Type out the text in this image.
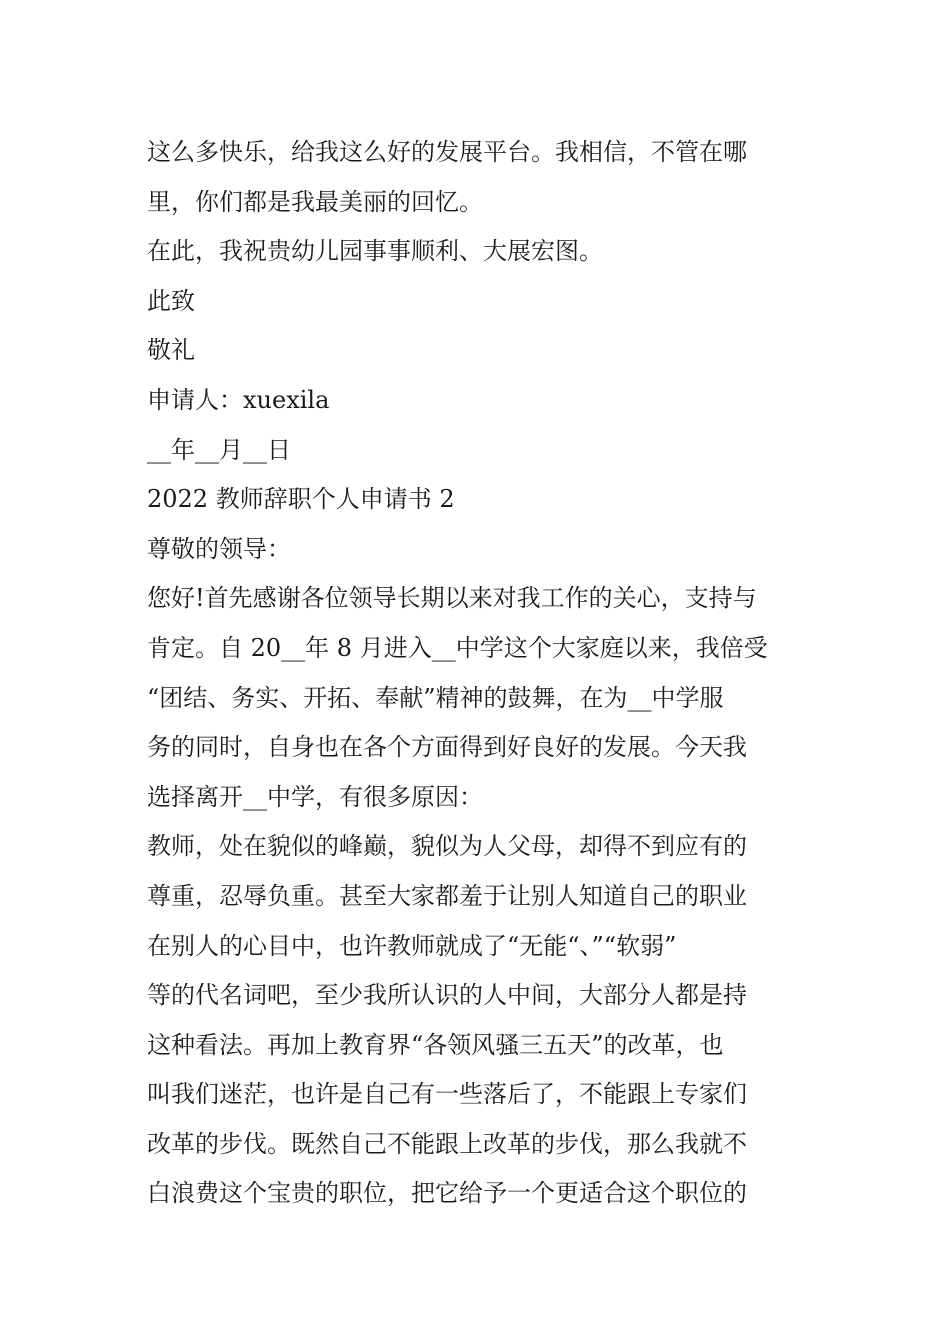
这么多快乐，给我这么好的发展平台。我相信，不管在哪
里，你们都是我最美丽的回忆。
在此，我祝贵幼儿园事事顺利、大展宏图。
此致
敬礼
申请人：xuexila
__年__月__日
2022 教师辞职个人申请书 2
尊敬的领导：
您好!首先感谢各位领导长期以来对我工作的关心，支持与
肯定。自 20__年 8 月进入__中学这个大家庭以来，我倍受
“团结、务实、开拓、奉献”精神的鼓舞，在为__中学服
务的同时，自身也在各个方面得到好良好的发展。今天我
选择离开__中学，有很多原因：
教师，处在貌似的峰巅，貌似为人父母，却得不到应有的
尊重，忍辱负重。甚至大家都羞于让别人知道自己的职业
在别人的心目中，也许教师就成了“无能“、”“软弱”
等的代名词吧，至少我所认识的人中间，大部分人都是持
这种看法。再加上教育界“各领风骚三五天”的改革，也
叫我们迷茫，也许是自己有一些落后了，不能跟上专家们
改革的步伐。既然自己不能跟上改革的步伐，那么我就不
白浪费这个宝贵的职位，把它给予一个更适合这个职位的
